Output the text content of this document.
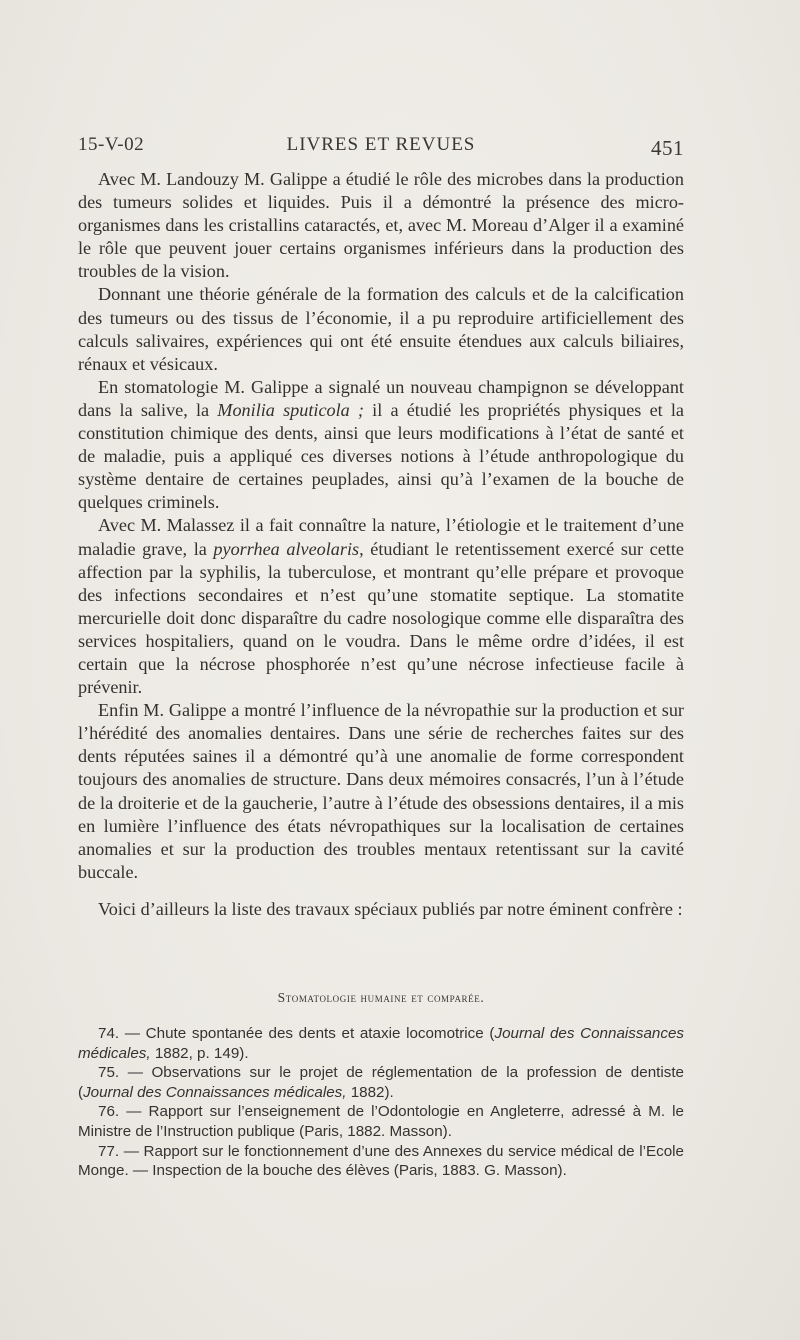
15-V-02	LIVRES ET REVUES	451

Avec M. Landouzy M. Galippe a étudié le rôle des microbes dans la production des tumeurs solides et liquides. Puis il a démontré la présence des micro-organismes dans les cristallins cataractés, et, avec M. Moreau d’Alger il a examiné le rôle que peuvent jouer certains organismes inférieurs dans la production des troubles de la vision.

Donnant une théorie générale de la formation des calculs et de la calcification des tumeurs ou des tissus de l’économie, il a pu reproduire artificiellement des calculs salivaires, expériences qui ont été ensuite étendues aux calculs biliaires, rénaux et vésicaux.

En stomatologie M. Galippe a signalé un nouveau champignon se développant dans la salive, la Monilia sputicola ; il a étudié les propriétés physiques et la constitution chimique des dents, ainsi que leurs modifications à l’état de santé et de maladie, puis a appliqué ces diverses notions à l’étude anthropologique du système dentaire de certaines peuplades, ainsi qu’à l’examen de la bouche de quelques criminels.

Avec M. Malassez il a fait connaître la nature, l’étiologie et le traitement d’une maladie grave, la pyorrhea alveolaris, étudiant le retentissement exercé sur cette affection par la syphilis, la tuberculose, et montrant qu’elle prépare et provoque des infections secondaires et n’est qu’une stomatite septique. La stomatite mercurielle doit donc disparaître du cadre nosologique comme elle disparaîtra des services hospitaliers, quand on le voudra. Dans le même ordre d’idées, il est certain que la nécrose phosphorée n’est qu’une nécrose infectieuse facile à prévenir.

Enfin M. Galippe a montré l’influence de la névropathie sur la production et sur l’hérédité des anomalies dentaires. Dans une série de recherches faites sur des dents réputées saines il a démontré qu’à une anomalie de forme correspondent toujours des anomalies de structure. Dans deux mémoires consacrés, l’un à l’étude de la droiterie et de la gaucherie, l’autre à l’étude des obsessions dentaires, il a mis en lumière l’influence des états névropathiques sur la localisation de certaines anomalies et sur la production des troubles mentaux retentissant sur la cavité buccale.

Voici d’ailleurs la liste des travaux spéciaux publiés par notre éminent confrère :

Stomatologie humaine et comparée.

74. — Chute spontanée des dents et ataxie locomotrice (Journal des Connaissances médicales, 1882, p. 149).

75. — Observations sur le projet de réglementation de la profession de dentiste (Journal des Connaissances médicales, 1882).

76. — Rapport sur l’enseignement de l’Odontologie en Angleterre, adressé à M. le Ministre de l’Instruction publique (Paris, 1882. Masson).

77. — Rapport sur le fonctionnement d’une des Annexes du service médical de l’Ecole Monge. — Inspection de la bouche des élèves (Paris, 1883. G. Masson).
